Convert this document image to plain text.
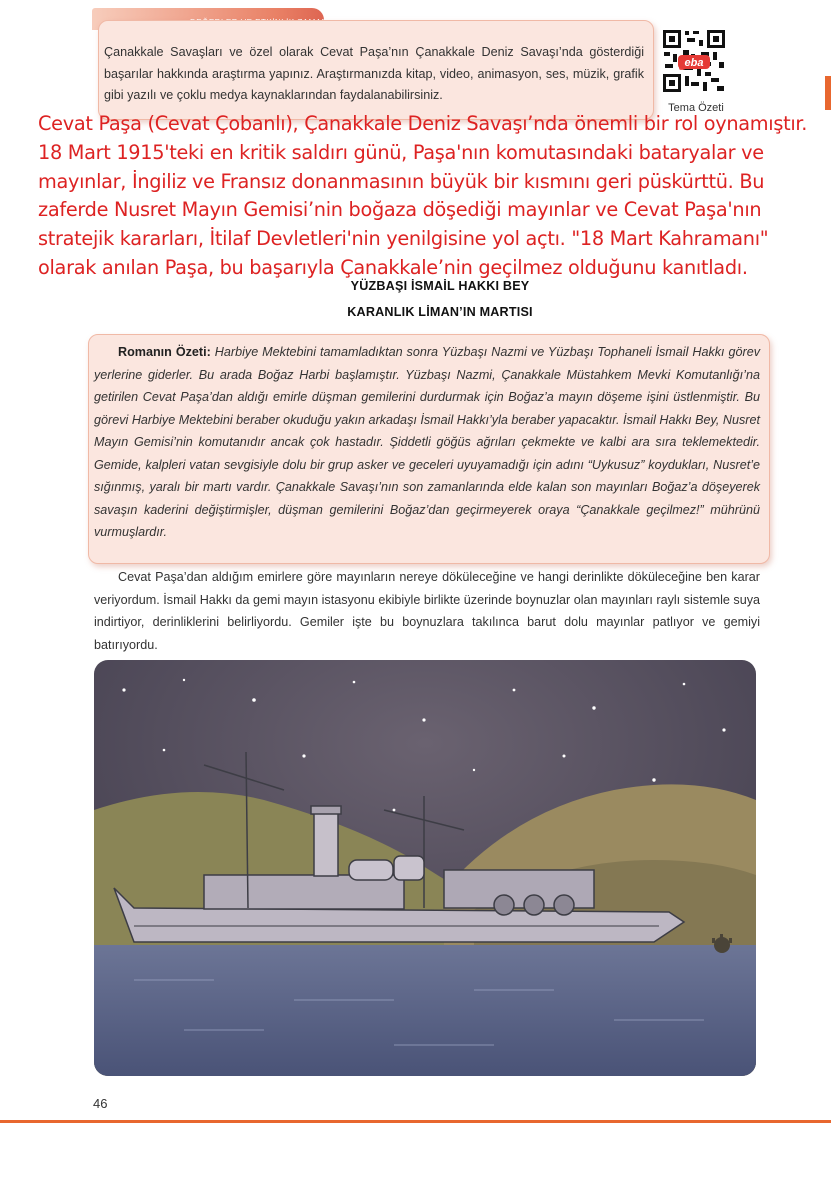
Çanakkale Savaşları ve özel olarak Cevat Paşa’nın Çanakkale Deniz Savaşı’nda gösterdiği başarılar hakkında araştırma yapınız. Araştırmanızda kitap, video, animasyon, ses, müzik, grafik gibi yazılı ve çoklu medya kaynaklarından faydalanabilirsiniz.
eba
Tema Özeti
YÜZBAŞI İSMAİL HAKKI BEY
KARANLIK LİMAN’IN MARTISI
Romanın Özeti: Harbiye Mektebini tamamladıktan sonra Yüzbaşı Nazmi ve Yüzbaşı Tophaneli İsmail Hakkı görev yerlerine giderler. Bu arada Boğaz Harbi başlamıştır. Yüzbaşı Nazmi, Çanakkale Müstahkem Mevki Komutanlığı’na getirilen Cevat Paşa’dan aldığı emirle düşman gemilerini durdurmak için Boğaz’a mayın döşeme işini üstlenmiştir. Bu görevi Harbiye Mektebini beraber okuduğu yakın arkadaşı İsmail Hakkı’yla beraber yapacaktır. İsmail Hakkı Bey, Nusret Mayın Gemisi’nin komutanıdır ancak çok hastadır. Şiddetli göğüs ağrıları çekmekte ve kalbi ara sıra teklemektedir. Gemide, kalpleri vatan sevgisiyle dolu bir grup asker ve geceleri uyuyamadığı için adını “Uykusuz” koydukları, Nusret’e sığınmış, yaralı bir martı vardır. Çanakkale Savaşı’nın son zamanlarında elde kalan son mayınları Boğaz’a döşeyerek savaşın kaderini değiştirmişler, düşman gemilerini Boğaz’dan geçirmeyerek oraya “Çanakkale geçilmez!” mührünü vurmuşlardır.
Cevat Paşa’dan aldığım emirlere göre mayınların nereye döküleceğine ve hangi derinlikte döküleceğine ben karar veriyordum. İsmail Hakkı da gemi mayın istasyonu ekibiyle birlikte üzerinde boynuzlar olan mayınları raylı sistemle suya indirtiyor, derinliklerini belirliyordu. Gemiler işte bu boynuzlara takılınca barut dolu mayınlar patlıyor ve gemiyi batırıyordu.
Cevat Paşa (Cevat Çobanlı), Çanakkale Deniz Savaşı’nda önemli bir rol oynamıştır. 18 Mart 1915'teki en kritik saldırı günü, Paşa'nın komutasındaki bataryalar ve mayınlar, İngiliz ve Fransız donanmasının büyük bir kısmını geri püskürttü. Bu zaferde Nusret Mayın Gemisi’nin boğaza döşediği mayınlar ve Cevat Paşa'nın stratejik kararları, İtilaf Devletleri'nin yenilgisine yol açtı. "18 Mart Kahramanı" olarak anılan Paşa, bu başarıyla Çanakkale’nin geçilmez olduğunu kanıtladı.
46
